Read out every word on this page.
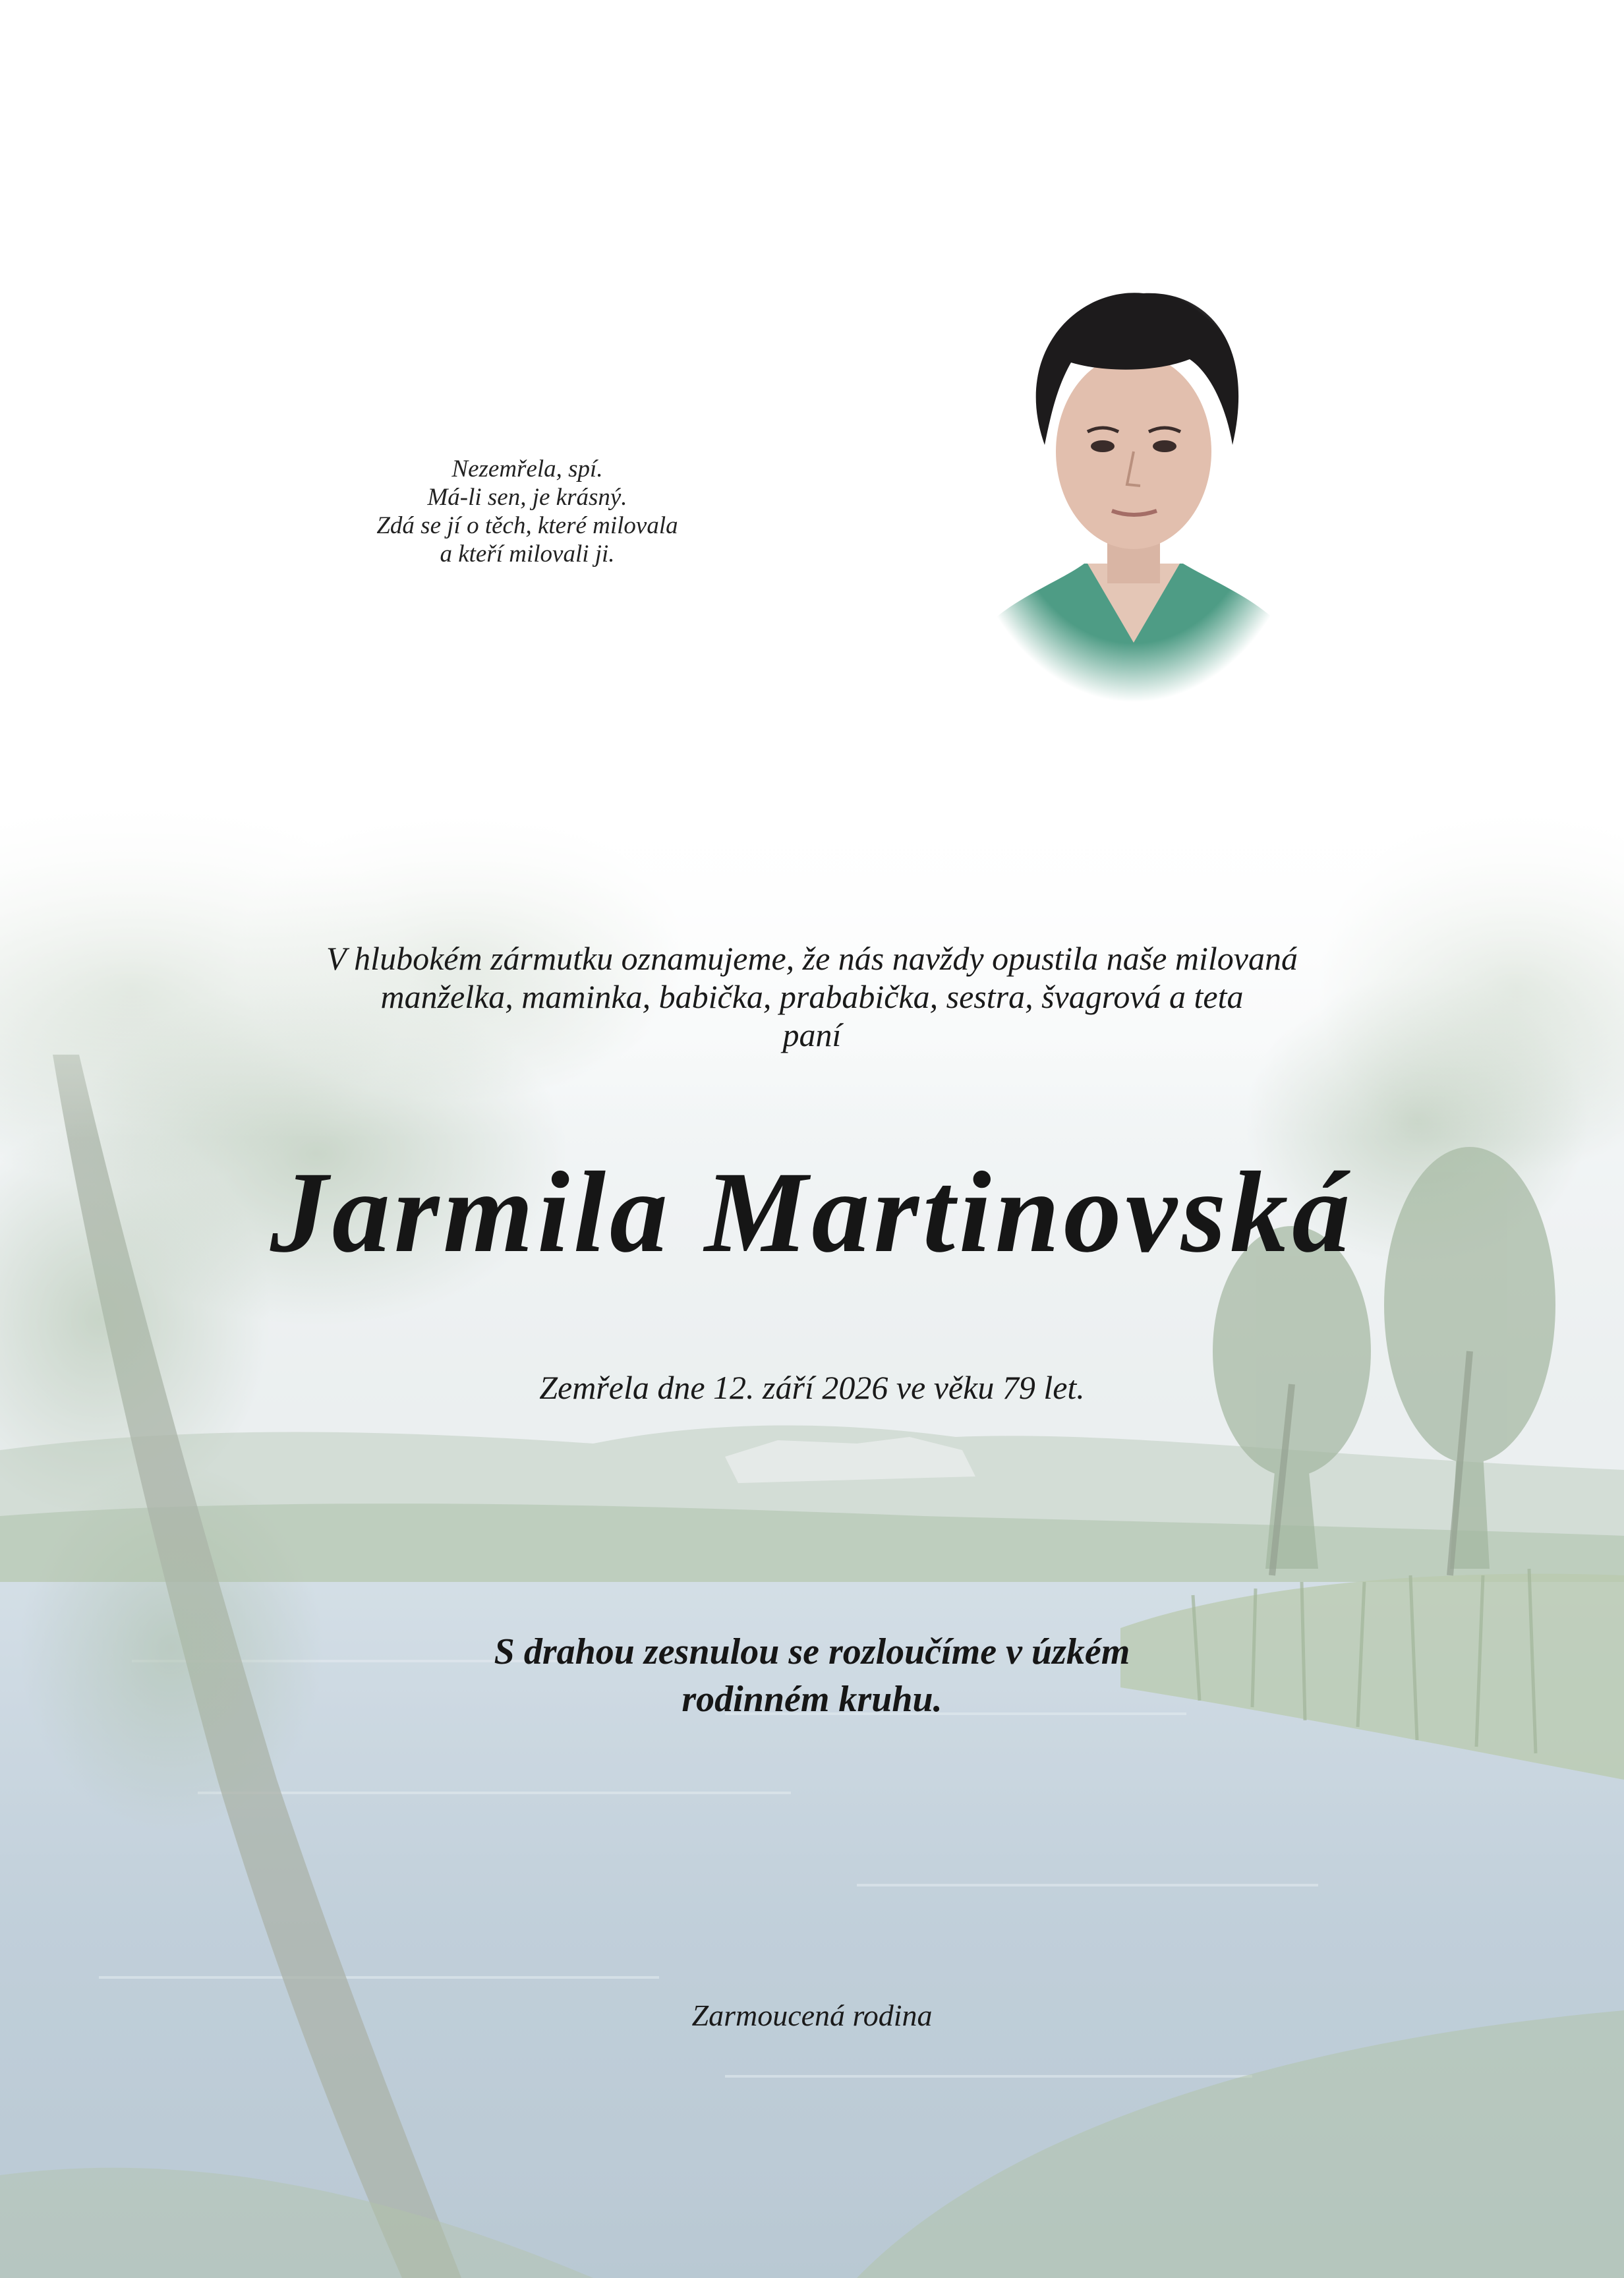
Nezemřela, spí.
Má-li sen, je krásný.
Zdá se jí o těch, které milovala
a kteří milovali ji.
V hlubokém zármutku oznamujeme, že nás navždy opustila naše milovaná
manželka, maminka, babička, prababička, sestra, švagrová a teta
paní
Jarmila Martinovská
Zemřela dne 12. září 2026 ve věku 79 let.
S drahou zesnulou se rozloučíme v úzkém
rodinném kruhu.
Zarmoucená rodina
